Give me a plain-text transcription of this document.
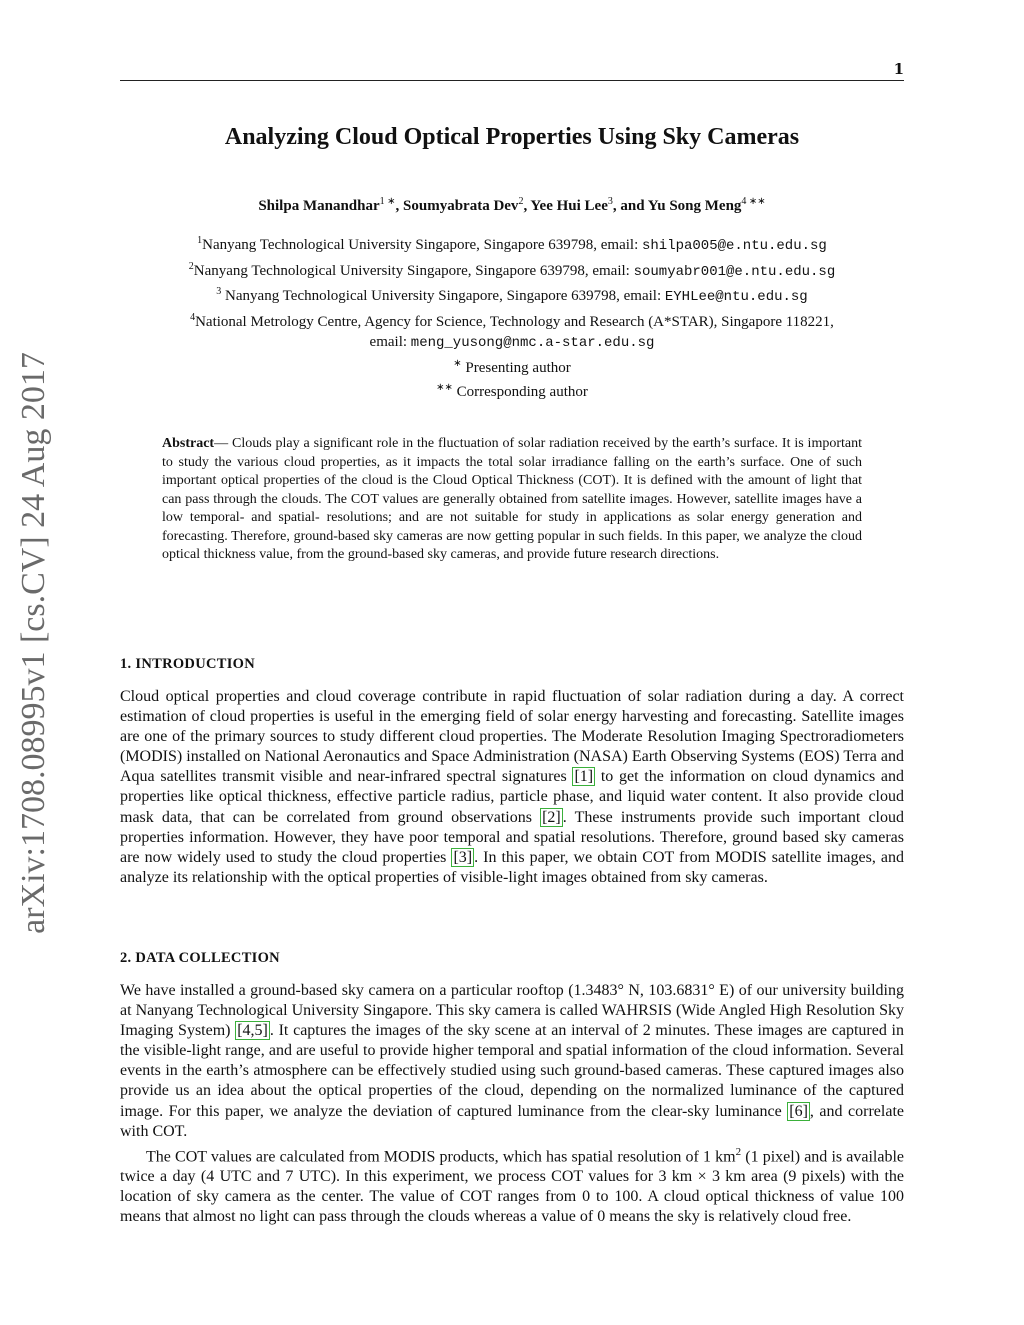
1
arXiv:1708.08995v1 [cs.CV] 24 Aug 2017
Analyzing Cloud Optical Properties Using Sky Cameras
Shilpa Manandhar$^{1 ∗}$, Soumyabrata Dev$^2$, Yee Hui Lee$^3$, and Yu Song Meng$^{4 ∗∗}$
$^1$Nanyang Technological University Singapore, Singapore 639798, email: shilpa005@e.ntu.edu.sg
$^2$Nanyang Technological University Singapore, Singapore 639798, email: soumyabr001@e.ntu.edu.sg
$^3$ Nanyang Technological University Singapore, Singapore 639798, email: EYHLee@ntu.edu.sg
$^4$National Metrology Centre, Agency for Science, Technology and Research (A*STAR), Singapore 118221,
email: meng_yusong@nmc.a-star.edu.sg
∗ Presenting author
∗∗ Corresponding author
Abstract— Clouds play a significant role in the fluctuation of solar radiation received by the earth’s surface. It is important to study the various cloud properties, as it impacts the total solar irradiance falling on the earth’s surface. One of such important optical properties of the cloud is the Cloud Optical Thickness (COT). It is defined with the amount of light that can pass through the clouds. The COT values are generally obtained from satellite images. However, satellite images have a low temporal- and spatial- resolutions; and are not suitable for study in applications as solar energy generation and forecasting. Therefore, ground-based sky cameras are now getting popular in such fields. In this paper, we analyze the cloud optical thickness value, from the ground-based sky cameras, and provide future research directions.
1. INTRODUCTION

Cloud optical properties and cloud coverage contribute in rapid fluctuation of solar radiation during a day. A correct estimation of cloud properties is useful in the emerging field of solar energy harvesting and forecasting. Satellite images are one of the primary sources to study different cloud properties. The Moderate Resolution Imaging Spectroradiometers (MODIS) installed on National Aeronautics and Space Administration (NASA) Earth Observing Systems (EOS) Terra and Aqua satellites transmit visible and near-infrared spectral signatures [1] to get the information on cloud dynamics and properties like optical thickness, effective particle radius, particle phase, and liquid water content. It also provide cloud mask data, that can be correlated from ground observations [2] . These instruments provide such important cloud properties information. However, they have poor temporal and spatial resolutions. Therefore, ground based sky cameras are now widely used to study the cloud properties [3] . In this paper, we obtain COT from MODIS satellite images, and analyze its relationship with the optical properties of visible-light images obtained from sky cameras.

2. DATA COLLECTION

We have installed a ground-based sky camera on a particular rooftop (1.3483° N, 103.6831° E) of our university building at Nanyang Technological University Singapore. This sky camera is called WAHRSIS (Wide Angled High Resolution Sky Imaging System) [4,5] . It captures the images of the sky scene at an interval of 2 minutes. These images are captured in the visible-light range, and are useful to provide higher temporal and spatial information of the cloud information. Several events in the earth’s atmosphere can be effectively studied using such ground-based cameras. These captured images also provide us an idea about the optical properties of the cloud, depending on the normalized luminance of the captured image. For this paper, we analyze the deviation of captured luminance from the clear-sky luminance [6] , and correlate with COT.

The COT values are calculated from MODIS products, which has spatial resolution of 1 $km^2$ (1 pixel) and is available twice a day (4 UTC and 7 UTC). In this experiment, we process COT values for 3 km × 3 km area (9 pixels) with the location of sky camera as the center. The value of COT ranges from 0 to 100. A cloud optical thickness of value 100 means that almost no light can pass through the clouds whereas a value of 0 means the sky is relatively cloud free.
